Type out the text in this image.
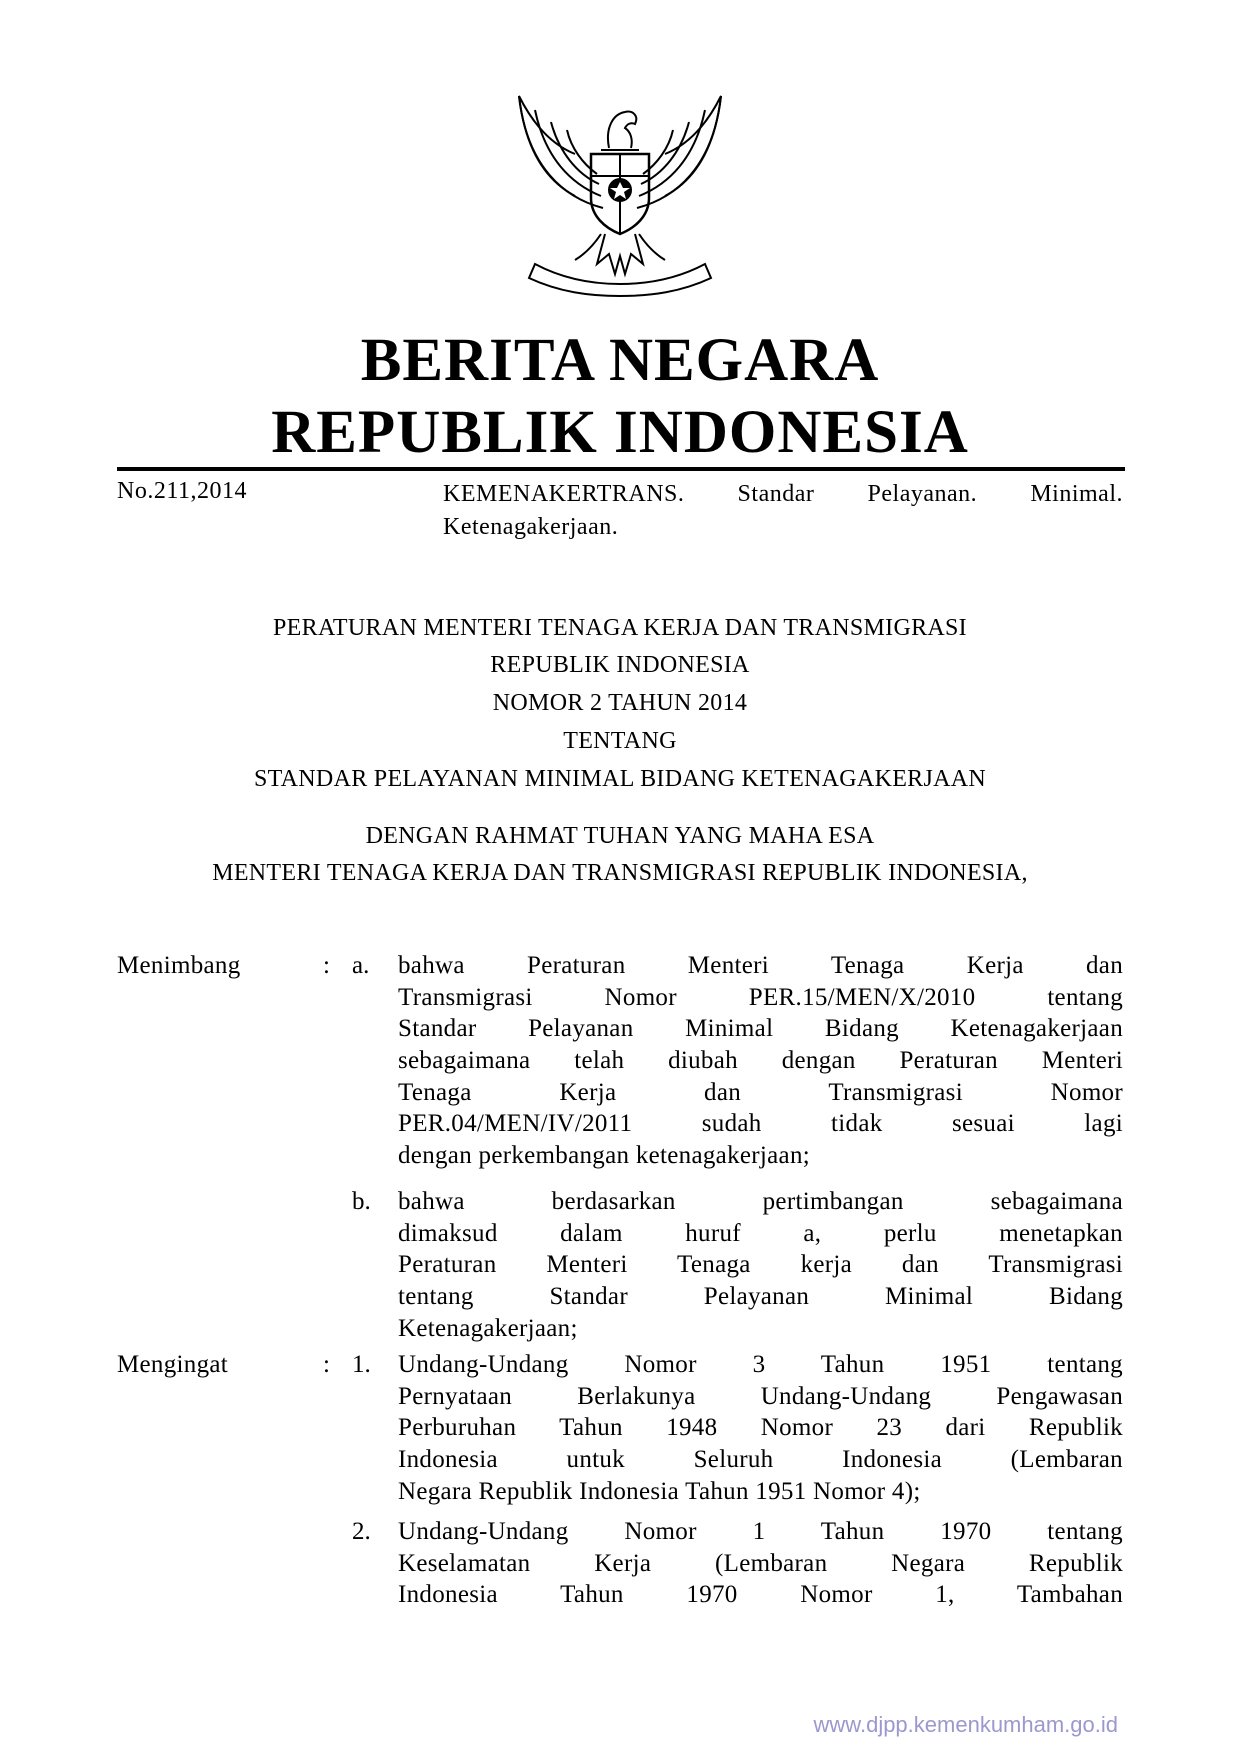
BERITA NEGARA
REPUBLIK INDONESIA
No.211,2014	KEMENAKERTRANS. Standar Pelayanan. Minimal.
Ketenagakerjaan.
PERATURAN MENTERI TENAGA KERJA DAN TRANSMIGRASI
REPUBLIK INDONESIA
NOMOR 2 TAHUN 2014
TENTANG
STANDAR PELAYANAN MINIMAL BIDANG KETENAGAKERJAAN
DENGAN RAHMAT TUHAN YANG MAHA ESA
MENTERI TENAGA KERJA DAN TRANSMIGRASI REPUBLIK INDONESIA,
Menimbang	: a. bahwa Peraturan Menteri Tenaga Kerja dan
Transmigrasi Nomor PER.15/MEN/X/2010 tentang
Standar Pelayanan Minimal Bidang Ketenagakerjaan
sebagaimana telah diubah dengan Peraturan Menteri
Tenaga Kerja dan Transmigrasi Nomor
PER.04/MEN/IV/2011 sudah tidak sesuai lagi
dengan perkembangan ketenagakerjaan;
b. bahwa berdasarkan pertimbangan sebagaimana
dimaksud dalam huruf a, perlu menetapkan
Peraturan Menteri Tenaga kerja dan Transmigrasi
tentang Standar Pelayanan Minimal Bidang
Ketenagakerjaan;
Mengingat	: 1. Undang-Undang Nomor 3 Tahun 1951 tentang
Pernyataan Berlakunya Undang-Undang Pengawasan
Perburuhan Tahun 1948 Nomor 23 dari Republik
Indonesia untuk Seluruh Indonesia (Lembaran
Negara Republik Indonesia Tahun 1951 Nomor 4);
2. Undang-Undang Nomor 1 Tahun 1970 tentang
Keselamatan Kerja (Lembaran Negara Republik
Indonesia Tahun 1970 Nomor 1, Tambahan
www.djpp.kemenkumham.go.id
